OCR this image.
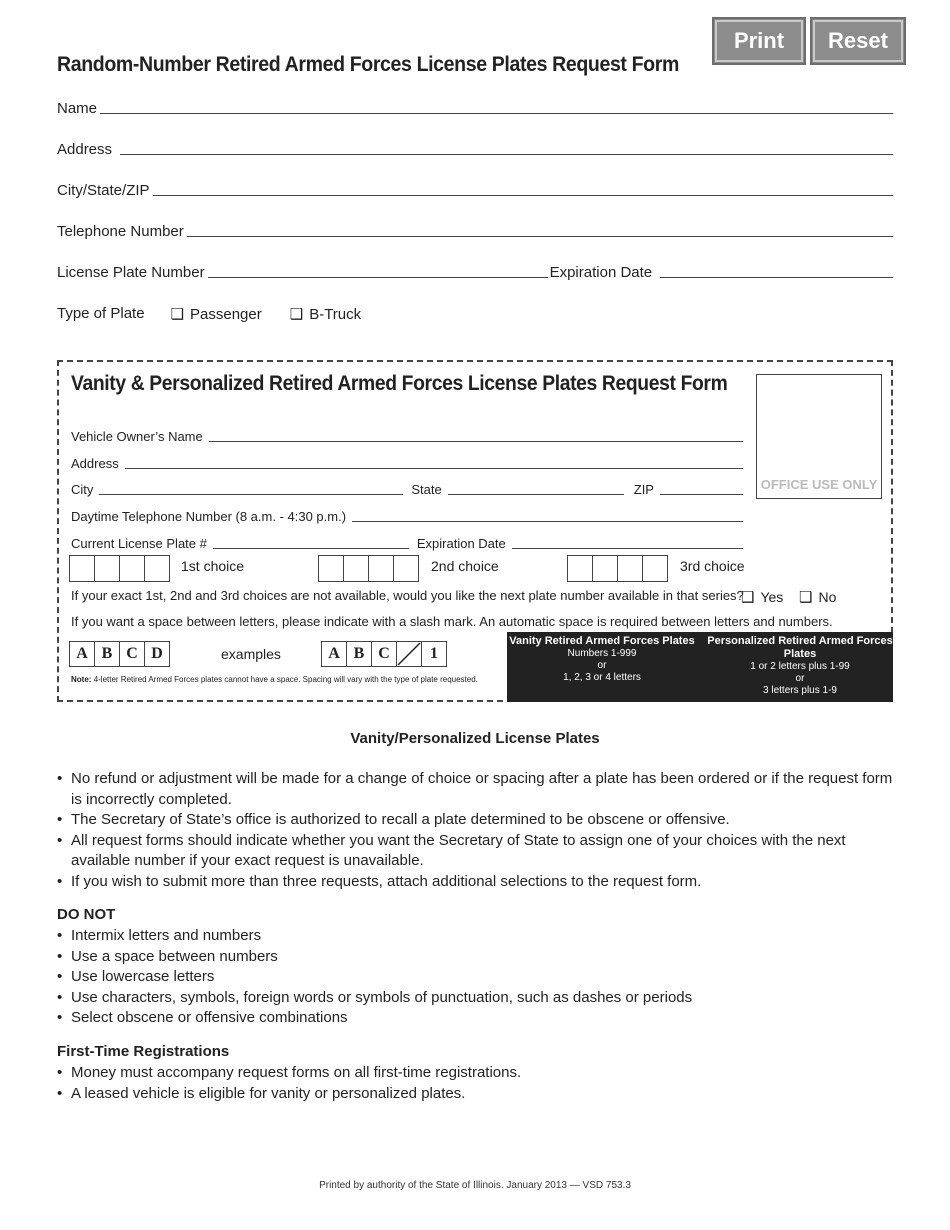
Print	Reset
Random-Number Retired Armed Forces License Plates Request Form
Name
Address
City/State/ZIP
Telephone Number
License Plate Number	Expiration Date
Type of Plate ❑ Passenger ❑ B-Truck
Vanity & Personalized Retired Armed Forces License Plates Request Form
OFFICE USE ONLY
Vehicle Owner’s Name
Address
City	State	ZIP
Daytime Telephone Number (8 a.m. - 4:30 p.m.)
Current License Plate #	Expiration Date
1st choice	2nd choice	3rd choice
If your exact 1st, 2nd and 3rd choices are not available, would you like the next plate number available in that series?
❑ Yes ❑ No
If you want a space between letters, please indicate with a slash mark. An automatic space is required between letters and numbers.
A B C D	examples	A B C	1
Note: 4-letter Retired Armed Forces plates cannot have a space. Spacing will vary with the type of plate requested.
Vanity Retired Armed Forces Plates
Numbers 1-999
or
1, 2, 3 or 4 letters
Personalized Retired Armed Forces Plates
1 or 2 letters plus 1-99
or
3 letters plus 1-9
Vanity/Personalized License Plates
• No refund or adjustment will be made for a change of choice or spacing after a plate has been ordered or if the request form is incorrectly completed.
• The Secretary of State’s office is authorized to recall a plate determined to be obscene or offensive.
• All request forms should indicate whether you want the Secretary of State to assign one of your choices with the next available number if your exact request is unavailable.
• If you wish to submit more than three requests, attach additional selections to the request form.
DO NOT
• Intermix letters and numbers
• Use a space between numbers
• Use lowercase letters
• Use characters, symbols, foreign words or symbols of punctuation, such as dashes or periods
• Select obscene or offensive combinations
First-Time Registrations
• Money must accompany request forms on all first-time registrations.
• A leased vehicle is eligible for vanity or personalized plates.
Printed by authority of the State of Illinois. January 2013 — VSD 753.3
